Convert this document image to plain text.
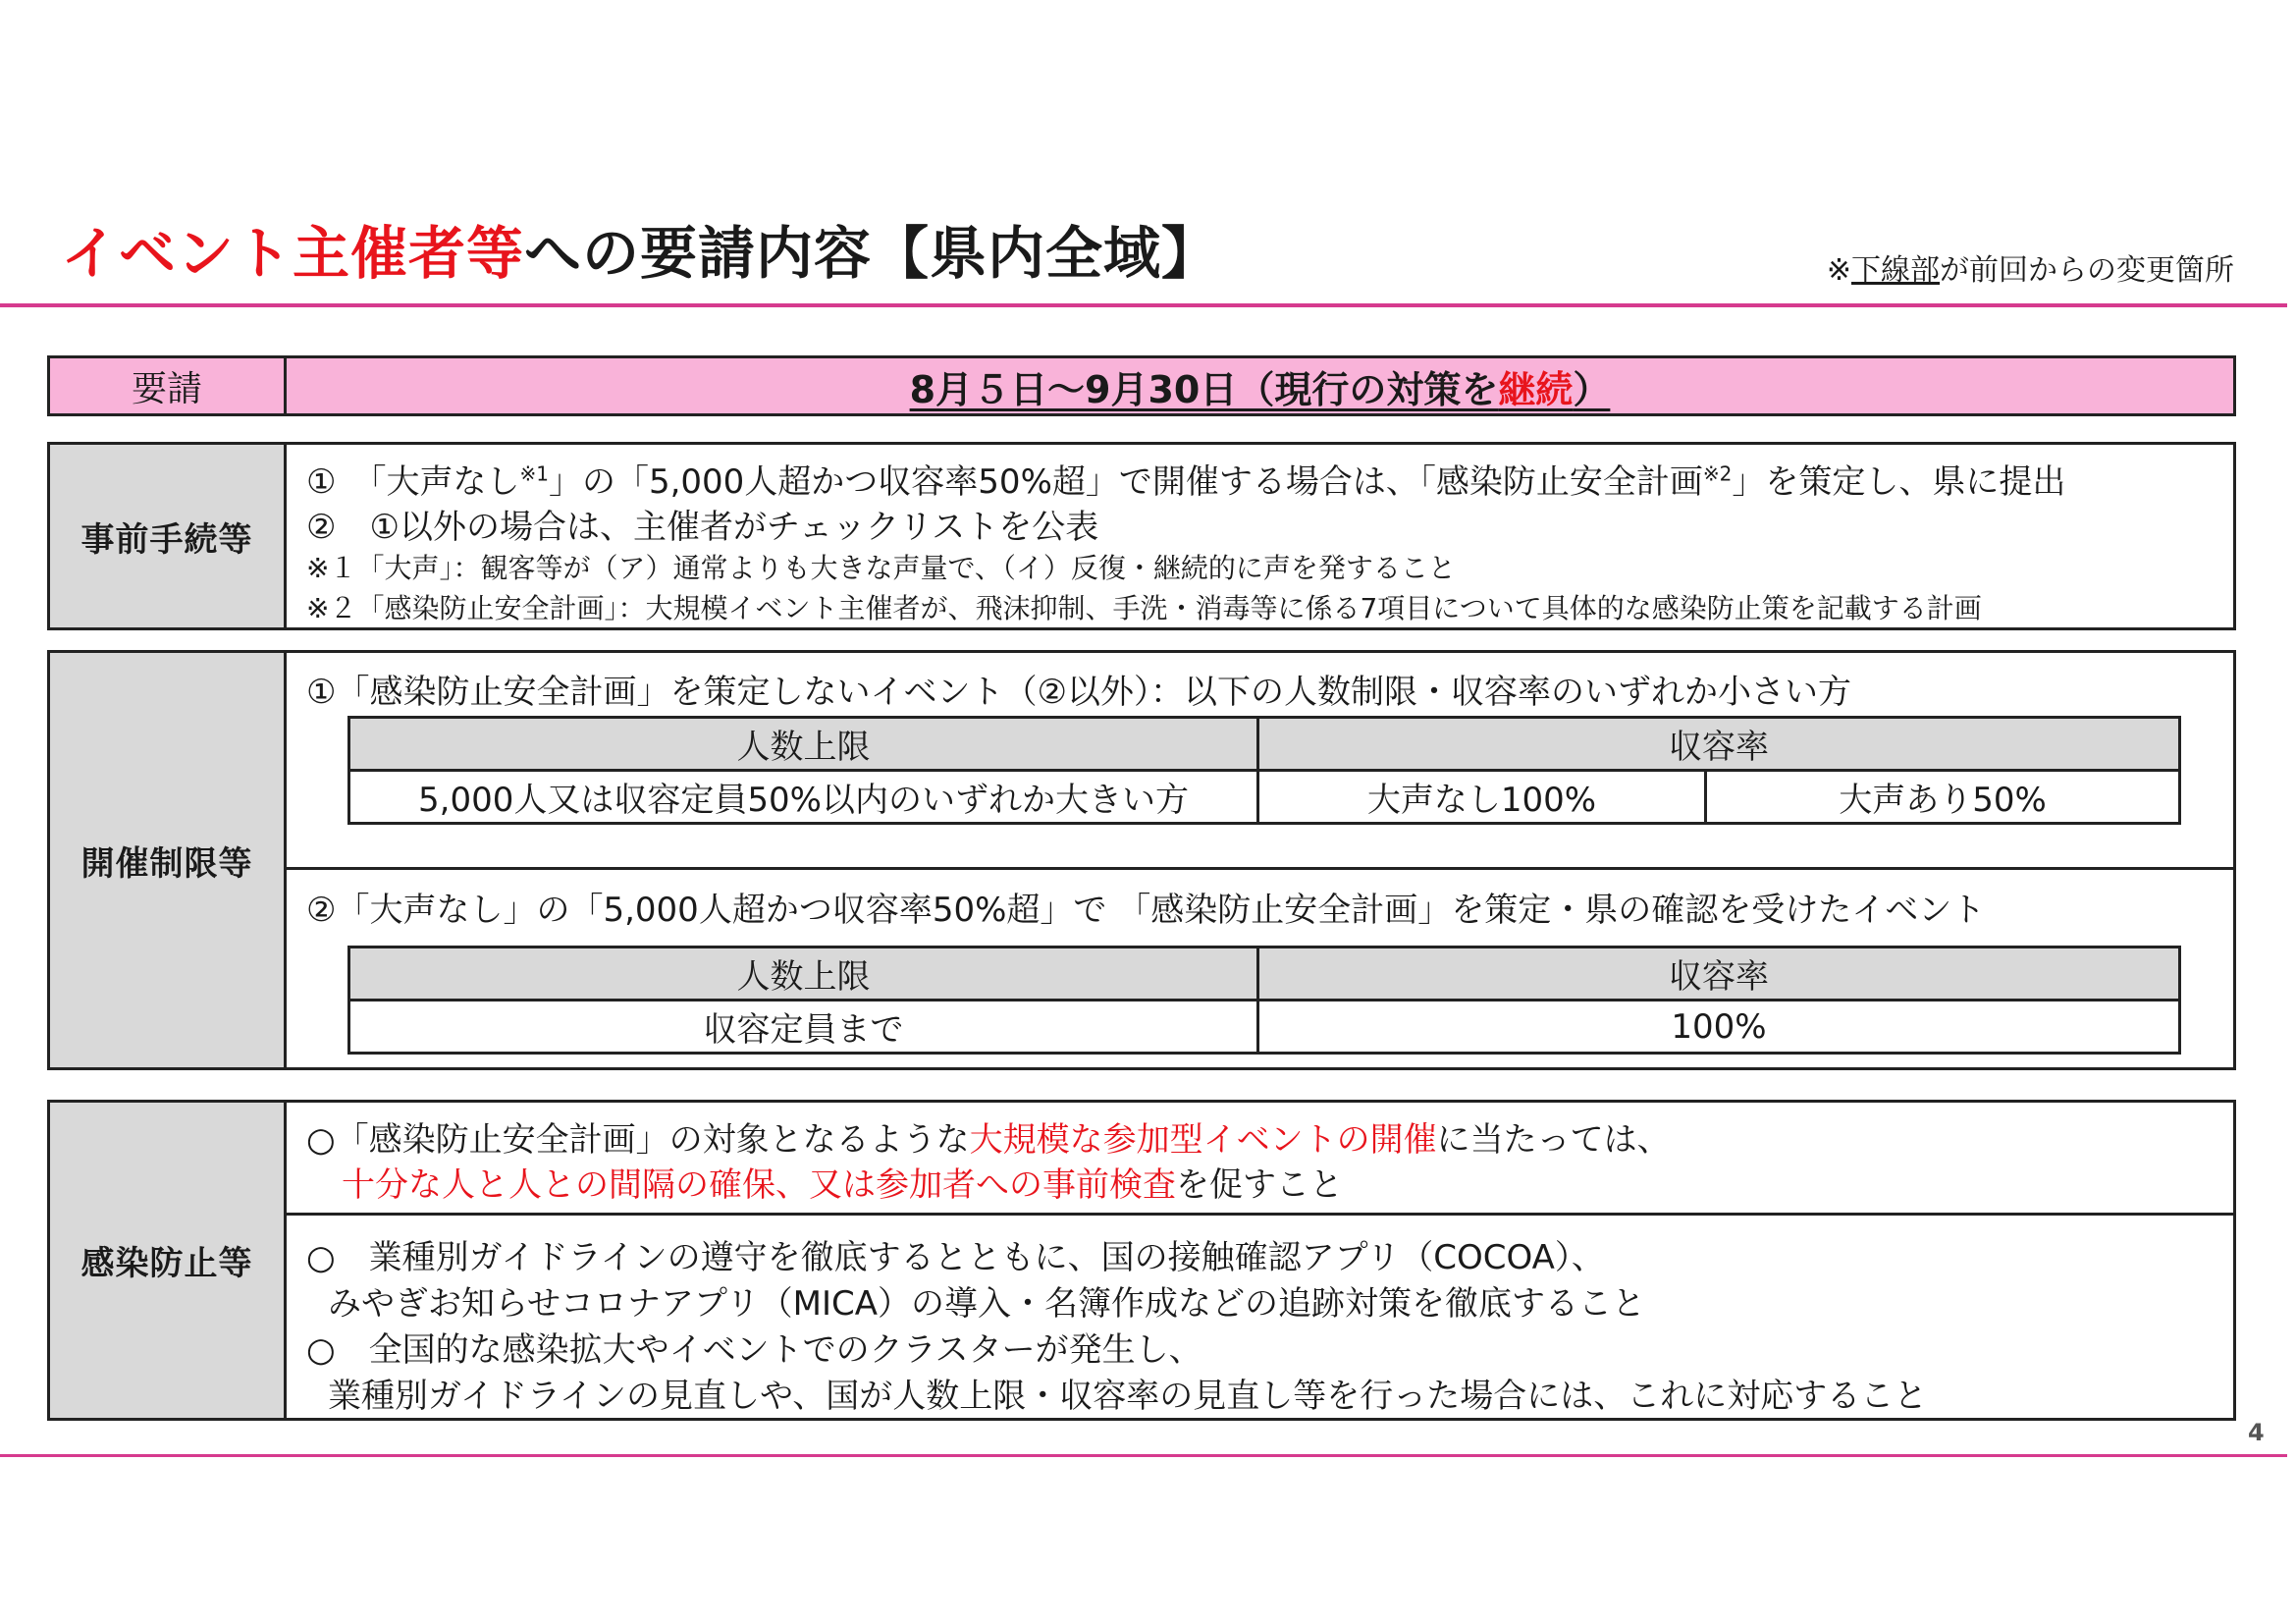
イベント主催者等への要請内容【県内全域】	※下線部が前回からの変更箇所
要請	8月５日～9月30日（現行の対策を継続）
事前手続等
①　「大声なし$^{※1}$」の「5,000人超かつ収容率50%超」で開催する場合は、「感染防止安全計画$^{※2}$」を策定し、県に提出
②　①以外の場合は、主催者がチェックリストを公表
※１「大声」：観客等が（ア）通常よりも大きな声量で、（イ）反復・継続的に声を発すること
※２「感染防止安全計画」：大規模イベント主催者が、飛沫抑制、手洗・消毒等に係る7項目について具体的な感染防止策を記載する計画
開催制限等
①「感染防止安全計画」を策定しないイベント（②以外）：以下の人数制限・収容率のいずれか小さい方
人数上限	収容率	
5,000人又は収容定員50%以内のいずれか大きい方	大声なし100%	大声あり50%
②「大声なし」の「5,000人超かつ収容率50%超」で 「感染防止安全計画」を策定・県の確認を受けたイベント
人数上限	収容率
収容定員まで	100%
感染防止等
○「感染防止安全計画」の対象となるような大規模な参加型イベントの開催に当たっては、
十分な人と人との間隔の確保、又は参加者への事前検査を促すこと
○　業種別ガイドラインの遵守を徹底するとともに、国の接触確認アプリ（COCOA）、
みやぎお知らせコロナアプリ（MICA）の導入・名簿作成などの追跡対策を徹底すること
○　全国的な感染拡大やイベントでのクラスターが発生し、
業種別ガイドラインの見直しや、国が人数上限・収容率の見直し等を行った場合には、これに対応すること
4
